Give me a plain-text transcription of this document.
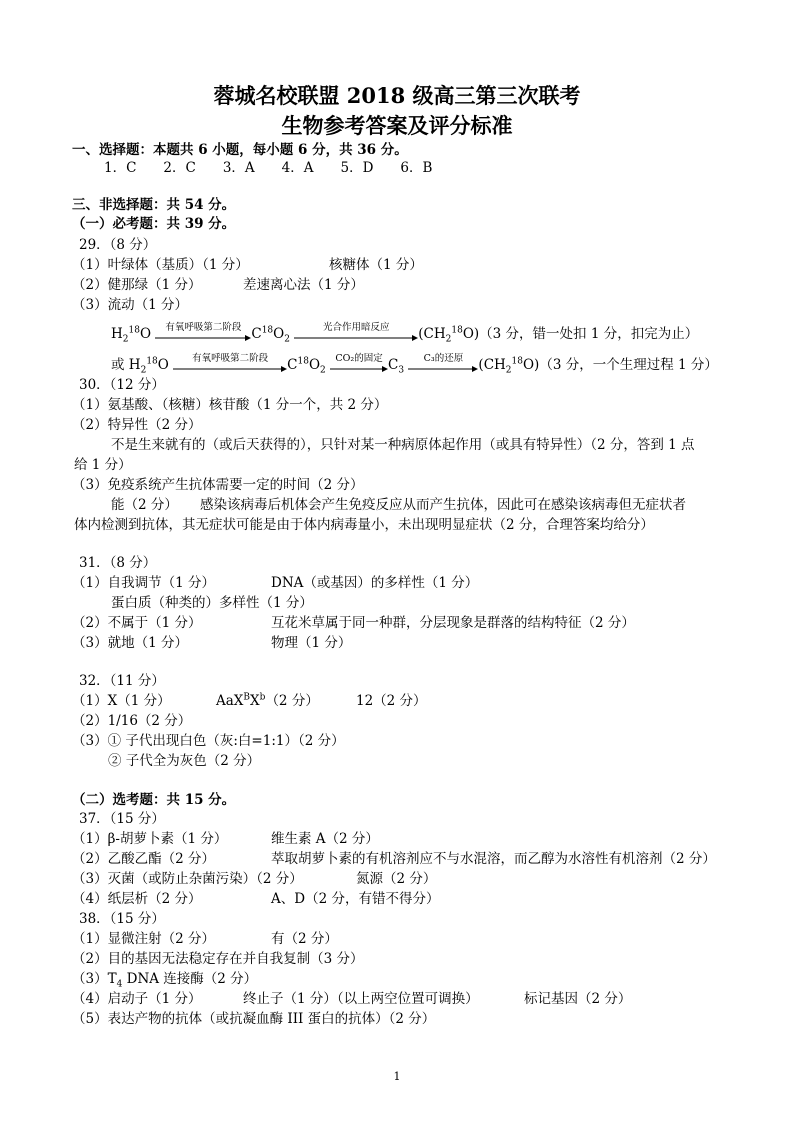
蓉城名校联盟 2018 级高三第三次联考
生物参考答案及评分标准
一、选择题：本题共 6 小题，每小题 6 分，共 36 分。
1．C　　2．C　　3．A　　4．A　　5．D　　6．B
三、非选择题：共 54 分。
（一）必考题：共 39 分。
29．（8 分）
（1）叶绿体（基质）（1 分）	核糖体（1 分）
（2）健那绿（1 分）	差速离心法（1 分）
（3）流动（1 分）
$H_2^{18}O$	有氧呼吸第二阶段 $C^{18}O_2$
光合作用暗反应	$(CH_2^{18}O)(3$ 分，错一处扣 1 分，扣完为止）
或 $H_2^{18}O$	有氧呼吸第二阶段	$C^{18}O_2$
CO₂的固定 $C_3$
C₃的还原	$(CH_2^{18}O)(3$ 分，一个生理过程 1 分）
30．（12 分）
（1）氨基酸、（核糖）核苷酸（1 分一个，共 2 分）
（2）特异性（2 分）
不是生来就有的（或后天获得的），只针对某一种病原体起作用（或具有特异性）（2 分，答到 1 点
给 1 分）
（3）免疫系统产生抗体需要一定的时间（2 分）
能（2 分） 感染该病毒后机体会产生免疫反应从而产生抗体，因此可在感染该病毒但无症状者
体内检测到抗体，其无症状可能是由于体内病毒量小，未出现明显症状（2 分，合理答案均给分）
31．（8 分）
（1）自我调节（1 分）	DNA（或基因）的多样性（1 分）
蛋白质（种类的）多样性（1 分）
（2）不属于（1 分）	互花米草属于同一种群，分层现象是群落的结构特征（2 分）
（3）就地（1 分）	物理（1 分）
32．（11 分）
（1）X（1 分）	$AaX^BX^b(2$ 分）	12（2 分）
（2）1/16（2 分）
（3）① 子代出现白色（灰:白=1:1）（2 分）
② 子代全为灰色（2 分）
（二）选考题：共 15 分。
37．（15 分）
（1）β-胡萝卜素（1 分）	维生素 A（2 分）
（2）乙酸乙酯（2 分）	萃取胡萝卜素的有机溶剂应不与水混溶，而乙醇为水溶性有机溶剂（2 分）
（3）灭菌（或防止杂菌污染）（2 分）	氮源（2 分）
（4）纸层析（2 分）	A、D（2 分，有错不得分）
38．（15 分）
（1）显微注射（2 分）	有（2 分）
（2）目的基因无法稳定存在并自我复制（3 分）
$(3)T_4$ DNA 连接酶（2 分）
（4）启动子（1 分）	终止子（1 分）（以上两空位置可调换）	标记基因（2 分）
（5）表达产物的抗体（或抗凝血酶 III 蛋白的抗体）（2 分）
1
